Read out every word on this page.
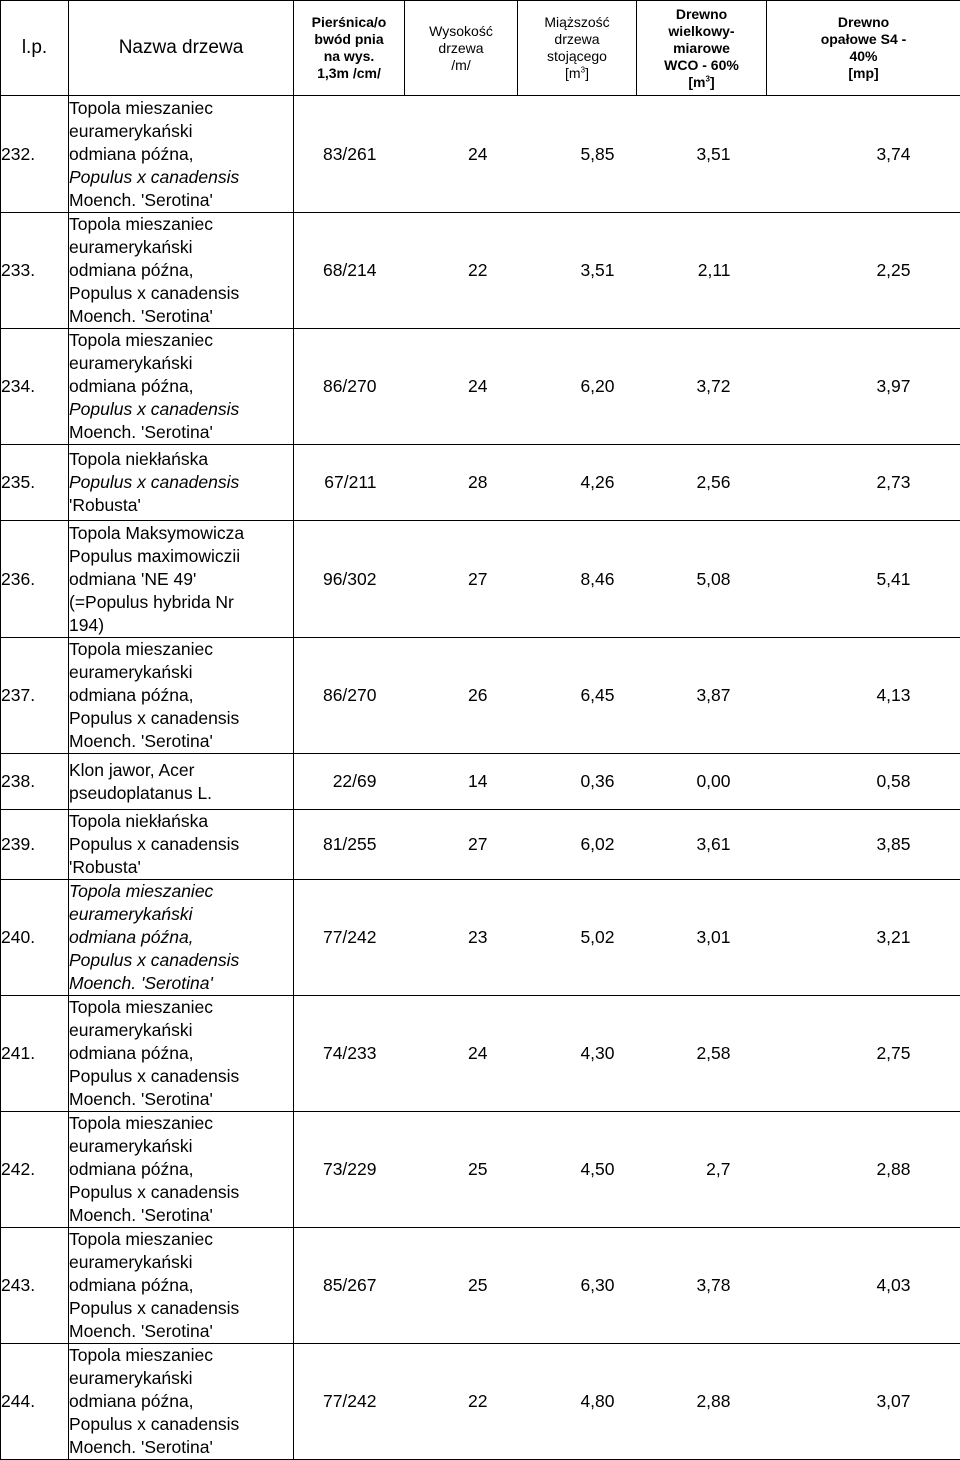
l.p.	Nazwa drzewa	Pierśnica/o
bwód pnia
na wys.
1,3m /cm/	Wysokość
drzewa
/m/	Miąższość
drzewa
stojącego
$[m^3]$	Drewno
wielkowy-
miarowe
WCO - 60%
$[m^3]$	Drewno
opałowe S4 -
40%
[mp]
232.	Topola mieszaniec
euramerykański
odmiana późna,
Populus x canadensis
Moench. 'Serotina'	83/261	24	5,85	3,51	3,74
233.	Topola mieszaniec
euramerykański
odmiana późna,
Populus x canadensis
Moench. 'Serotina'	68/214	22	3,51	2,11	2,25
234.	Topola mieszaniec
euramerykański
odmiana późna,
Populus x canadensis
Moench. 'Serotina'	86/270	24	6,20	3,72	3,97
235.	Topola niekłańska
Populus x canadensis
'Robusta'	67/211	28	4,26	2,56	2,73
236.	Topola Maksymowicza
Populus maximowiczii
odmiana 'NE 49'
(=Populus hybrida Nr
194)	96/302	27	8,46	5,08	5,41
237.	Topola mieszaniec
euramerykański
odmiana późna,
Populus x canadensis
Moench. 'Serotina'	86/270	26	6,45	3,87	4,13
238.	Klon jawor, Acer
pseudoplatanus L.	22/69	14	0,36	0,00	0,58
239.	Topola niekłańska
Populus x canadensis
'Robusta'	81/255	27	6,02	3,61	3,85
240.	Topola mieszaniec
euramerykański
odmiana późna,
Populus x canadensis
Moench. 'Serotina'	77/242	23	5,02	3,01	3,21
241.	Topola mieszaniec
euramerykański
odmiana późna,
Populus x canadensis
Moench. 'Serotina'	74/233	24	4,30	2,58	2,75
242.	Topola mieszaniec
euramerykański
odmiana późna,
Populus x canadensis
Moench. 'Serotina'	73/229	25	4,50	2,7	2,88
243.	Topola mieszaniec
euramerykański
odmiana późna,
Populus x canadensis
Moench. 'Serotina'	85/267	25	6,30	3,78	4,03
244.	Topola mieszaniec
euramerykański
odmiana późna,
Populus x canadensis
Moench. 'Serotina'	77/242	22	4,80	2,88	3,07
